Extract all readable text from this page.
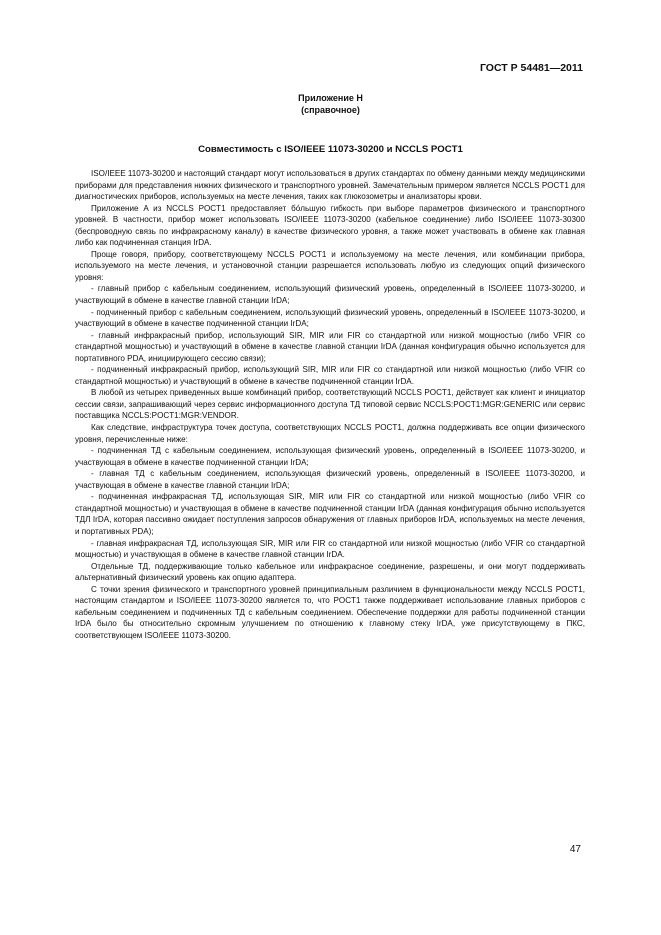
ГОСТ Р 54481—2011
Приложение Н
(справочное)
Совместимость с ISO/IEEE 11073-30200 и NCCLS POCT1

ISO/IEEE 11073-30200 и настоящий стандарт могут использоваться в других стандартах по обмену данными между медицинскими приборами для представления нижних физического и транспортного уровней. Замечательным примером является NCCLS POCT1 для диагностических приборов, используемых на месте лечения, таких как глюкозометры и анализаторы крови.

Приложение A из NCCLS POCT1 предоставляет бо́льшую гибкость при выборе параметров физического и транспортного уровней. В частности, прибор может использовать ISO/IEEE 11073-30200 (кабельное соединение) либо ISO/IEEE 11073-30300 (беспроводную связь по инфракрасному каналу) в качестве физического уровня, а также может участвовать в обмене как главная либо как подчиненная станция IrDA.

Проще говоря, прибору, соответствующему NCCLS POCT1 и используемому на месте лечения, или комбинации прибора, используемого на месте лечения, и установочной станции разрешается использовать любую из следующих опций физического уровня:

- главный прибор с кабельным соединением, использующий физический уровень, определенный в ISO/IEEE 11073-30200, и участвующий в обмене в качестве главной станции IrDA;

- подчиненный прибор с кабельным соединением, использующий физический уровень, определенный в ISO/IEEE 11073-30200, и участвующий в обмене в качестве подчиненной станции IrDA;

- главный инфракрасный прибор, использующий SIR, MIR или FIR со стандартной или низкой мощностью (либо VFIR со стандартной мощностью) и участвующий в обмене в качестве главной станции IrDA (данная конфигурация обычно используется для портативного PDA, инициирующего сессию связи);

- подчиненный инфракрасный прибор, использующий SIR, MIR или FIR со стандартной или низкой мощностью (либо VFIR со стандартной мощностью) и участвующий в обмене в качестве подчиненной станции IrDA.

В любой из четырех приведенных выше комбинаций прибор, соответствующий NCCLS POCT1, действует как клиент и инициатор сессии связи, запрашивающий через сервис информационного доступа ТД типовой сервис NCCLS:POCT1:MGR:GENERIC или сервис поставщика NCCLS:POCT1:MGR:VENDOR.

Как следствие, инфраструктура точек доступа, соответствующих NCCLS POCT1, должна поддерживать все опции физического уровня, перечисленные ниже:

- подчиненная ТД с кабельным соединением, использующая физический уровень, определенный в ISO/IEEE 11073-30200, и участвующая в обмене в качестве подчиненной станции IrDA;

- главная ТД с кабельным соединением, использующая физический уровень, определенный в ISO/IEEE 11073-30200, и участвующая в обмене в качестве главной станции IrDA;

- подчиненная инфракрасная ТД, использующая SIR, MIR или FIR со стандартной или низкой мощностью (либо VFIR со стандартной мощностью) и участвующая в обмене в качестве подчиненной станции IrDA (данная конфигурация обычно используется ТДЛ IrDA, которая пассивно ожидает поступления запросов обнаружения от главных приборов IrDA, используемых на месте лечения, и портативных PDA);

- главная инфракрасная ТД, использующая SIR, MIR или FIR со стандартной или низкой мощностью (либо VFIR со стандартной мощностью) и участвующая в обмене в качестве главной станции IrDA.

Отдельные ТД, поддерживающие только кабельное или инфракрасное соединение, разрешены, и они могут поддерживать альтернативный физический уровень как опцию адаптера.

С точки зрения физического и транспортного уровней принципиальным различием в функциональности между NCCLS POCT1, настоящим стандартом и ISO/IEEE 11073-30200 является то, что POCT1 также поддерживает использование главных приборов с кабельным соединением и подчиненных ТД с кабельным соединением. Обеспечение поддержки для работы подчиненной станции IrDA было бы относительно скромным улучшением по отношению к главному стеку IrDA, уже присутствующему в ПКС, соответствующем ISO/IEEE 11073-30200.

47
